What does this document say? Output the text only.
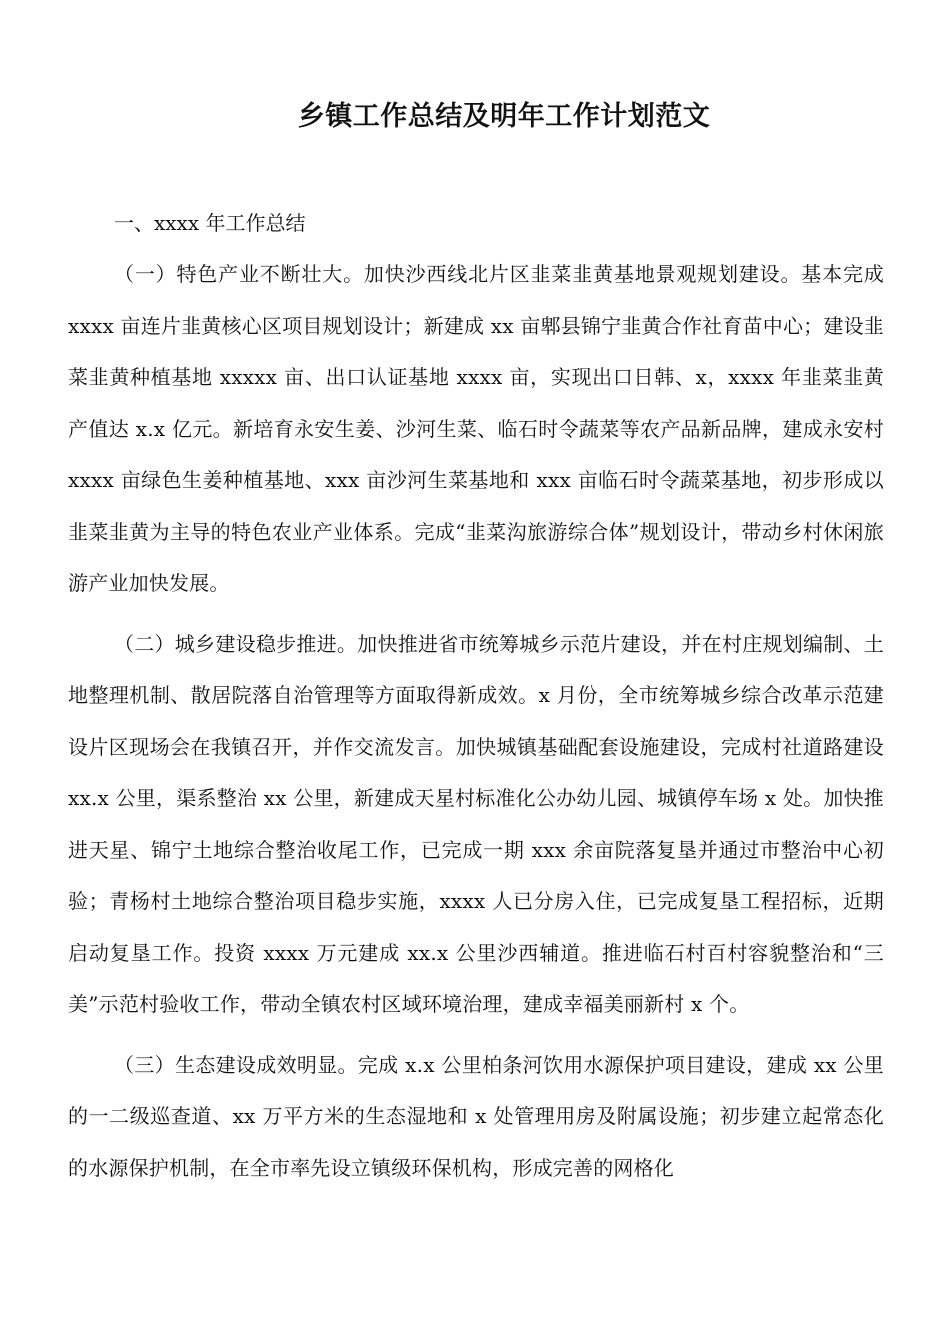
乡镇工作总结及明年工作计划范文

一、xxxx 年工作总结

（一）特色产业不断壮大。加快沙西线北片区韭菜韭黄基地景观规划建设。基本完成 xxxx 亩连片韭黄核心区项目规划设计；新建成 xx 亩郫县锦宁韭黄合作社育苗中心；建设韭菜韭黄种植基地 xxxxx 亩、出口认证基地 xxxx 亩，实现出口日韩、x，xxxx 年韭菜韭黄产值达 x.x 亿元。新培育永安生姜、沙河生菜、临石时令蔬菜等农产品新品牌，建成永安村 xxxx 亩绿色生姜种植基地、xxx 亩沙河生菜基地和 xxx 亩临石时令蔬菜基地，初步形成以韭菜韭黄为主导的特色农业产业体系。完成“韭菜沟旅游综合体”规划设计，带动乡村休闲旅游产业加快发展。

（二）城乡建设稳步推进。加快推进省市统筹城乡示范片建设，并在村庄规划编制、土地整理机制、散居院落自治管理等方面取得新成效。x 月份，全市统筹城乡综合改革示范建设片区现场会在我镇召开，并作交流发言。加快城镇基础配套设施建设，完成村社道路建设 xx.x 公里，渠系整治 xx 公里，新建成天星村标准化公办幼儿园、城镇停车场 x 处。加快推进天星、锦宁土地综合整治收尾工作，已完成一期 xxx 余亩院落复垦并通过市整治中心初验；青杨村土地综合整治项目稳步实施，xxxx 人已分房入住，已完成复垦工程招标，近期启动复垦工作。投资 xxxx 万元建成 xx.x 公里沙西辅道。推进临石村百村容貌整治和“三美”示范村验收工作，带动全镇农村区域环境治理，建成幸福美丽新村 x 个。

（三）生态建设成效明显。完成 x.x 公里柏条河饮用水源保护项目建设，建成 xx 公里的一二级巡查道、xx 万平方米的生态湿地和 x 处管理用房及附属设施；初步建立起常态化的水源保护机制，在全市率先设立镇级环保机构，形成完善的网格化
